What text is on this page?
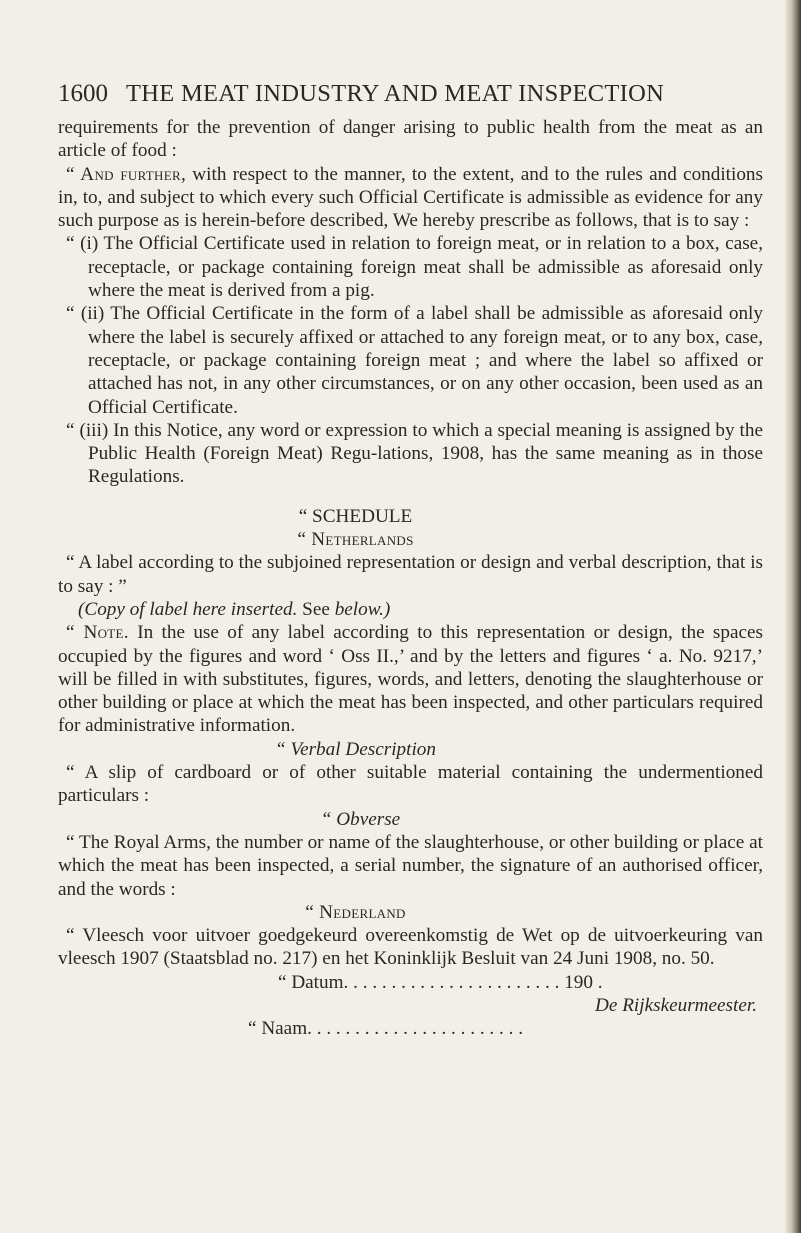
1600 THE MEAT INDUSTRY AND MEAT INSPECTION

requirements for the prevention of danger arising to public health from the meat as an article of food :

“ And further, with respect to the manner, to the extent, and to the rules and conditions in, to, and subject to which every such Official Certificate is admissible as evidence for any such purpose as is herein-before described, We hereby prescribe as follows, that is to say :

“ (i) The Official Certificate used in relation to foreign meat, or in relation to a box, case, receptacle, or package containing foreign meat shall be admissible as aforesaid only where the meat is derived from a pig.

“ (ii) The Official Certificate in the form of a label shall be admissible as aforesaid only where the label is securely affixed or attached to any foreign meat, or to any box, case, receptacle, or package containing foreign meat ; and where the label so affixed or attached has not, in any other circumstances, or on any other occasion, been used as an Official Certificate.

“ (iii) In this Notice, any word or expression to which a special meaning is assigned by the Public Health (Foreign Meat) Regu-lations, 1908, has the same meaning as in those Regulations.

“ SCHEDULE

“ Netherlands

“ A label according to the subjoined representation or design and verbal description, that is to say : ”

(Copy of label here inserted. See below.)

“ Note. In the use of any label according to this representation or design, the spaces occupied by the figures and word ‘ Oss II.,’ and by the letters and figures ‘ a. No. 9217,’ will be filled in with substitutes, figures, words, and letters, denoting the slaughterhouse or other building or place at which the meat has been inspected, and other particulars required for administrative information.

“ Verbal Description

“ A slip of cardboard or of other suitable material containing the undermentioned particulars :

“ Obverse

“ The Royal Arms, the number or name of the slaughterhouse, or other building or place at which the meat has been inspected, a serial number, the signature of an authorised officer, and the words :

“ Nederland

“ Vleesch voor uitvoer goedgekeurd overeenkomstig de Wet op de uitvoerkeuring van vleesch 1907 (Staatsblad no. 217) en het Koninklijk Besluit van 24 Juni 1908, no. 50.

“ Datum. . . . . . . . . . . . . . . . . . . . . . . 190 .

De Rijkskeurmeester.

“ Naam. . . . . . . . . . . . . . . . . . . . . . .
